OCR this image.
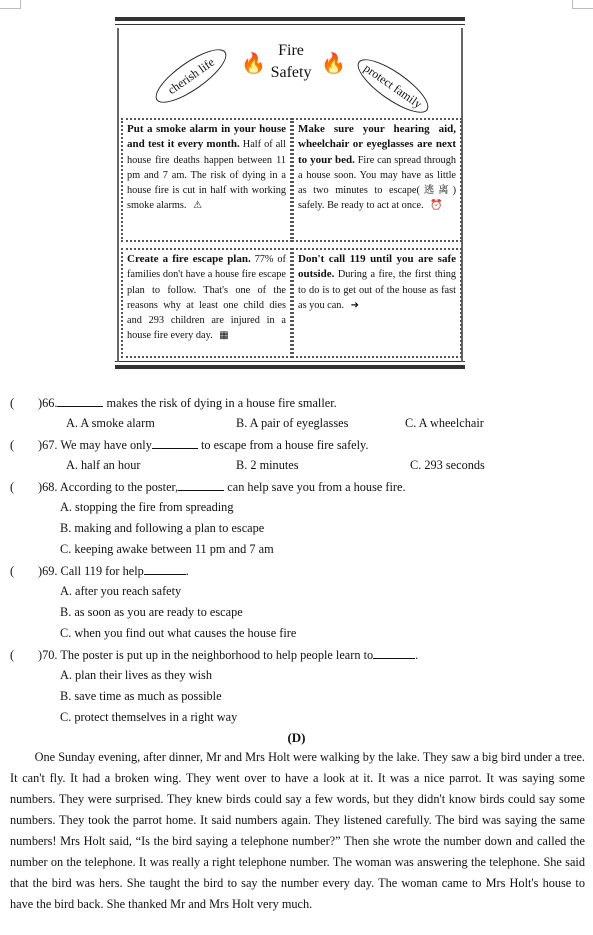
cherish life	protect family
🔥
Fire
Safety 🔥
Put a smoke alarm in your house and test it every month. Half of all house fire deaths happen between 11 pm and 7 am. The risk of dying in a house fire is cut in half with working smoke alarms. ⚠
Make sure your hearing aid, wheelchair or eyeglasses are next to your bed. Fire can spread through a house soon. You may have as little as two minutes to escape(逃离) safely. Be ready to act at once. ⏰
Create a fire escape plan. 77% of families don't have a house fire escape plan to follow. That's one of the reasons why at least one child dies and 293 children are injured in a house fire every day. ▦
Don't call 119 until you are safe outside. During a fire, the first thing to do is to get out of the house as fast as you can. ➜
( )66.	makes the risk of dying in a house fire smaller.
A. A smoke alarm	B. A pair of eyeglasses	C. A wheelchair
( )67. We may have only	to escape from a house fire safely.
A. half an hour	B. 2 minutes	C. 293 seconds
( )68. According to the poster,	can help save you from a house fire.
A. stopping the fire from spreading
B. making and following a plan to escape
C. keeping awake between 11 pm and 7 am
( )69. Call 119 for help	.
A. after you reach safety
B. as soon as you are ready to escape
C. when you find out what causes the house fire
( )70. The poster is put up in the neighborhood to help people learn to	.
A. plan their lives as they wish
B. save time as much as possible
C. protect themselves in a right way
(D)
One Sunday evening, after dinner, Mr and Mrs Holt were walking by the lake. They saw a big bird under a tree. It can't fly. It had a broken wing. They went over to have a look at it. It was a nice parrot. It was saying some numbers. They were surprised. They knew birds could say a few words, but they didn't know birds could say some numbers. They took the parrot home. It said numbers again. They listened carefully. The bird was saying the same numbers! Mrs Holt said, “Is the bird saying a telephone number?” Then she wrote the number down and called the number on the telephone. It was really a right telephone number. The woman was answering the telephone. She said that the bird was hers. She taught the bird to say the number every day. The woman came to Mrs Holt's house to have the bird back. She thanked Mr and Mrs Holt very much.
